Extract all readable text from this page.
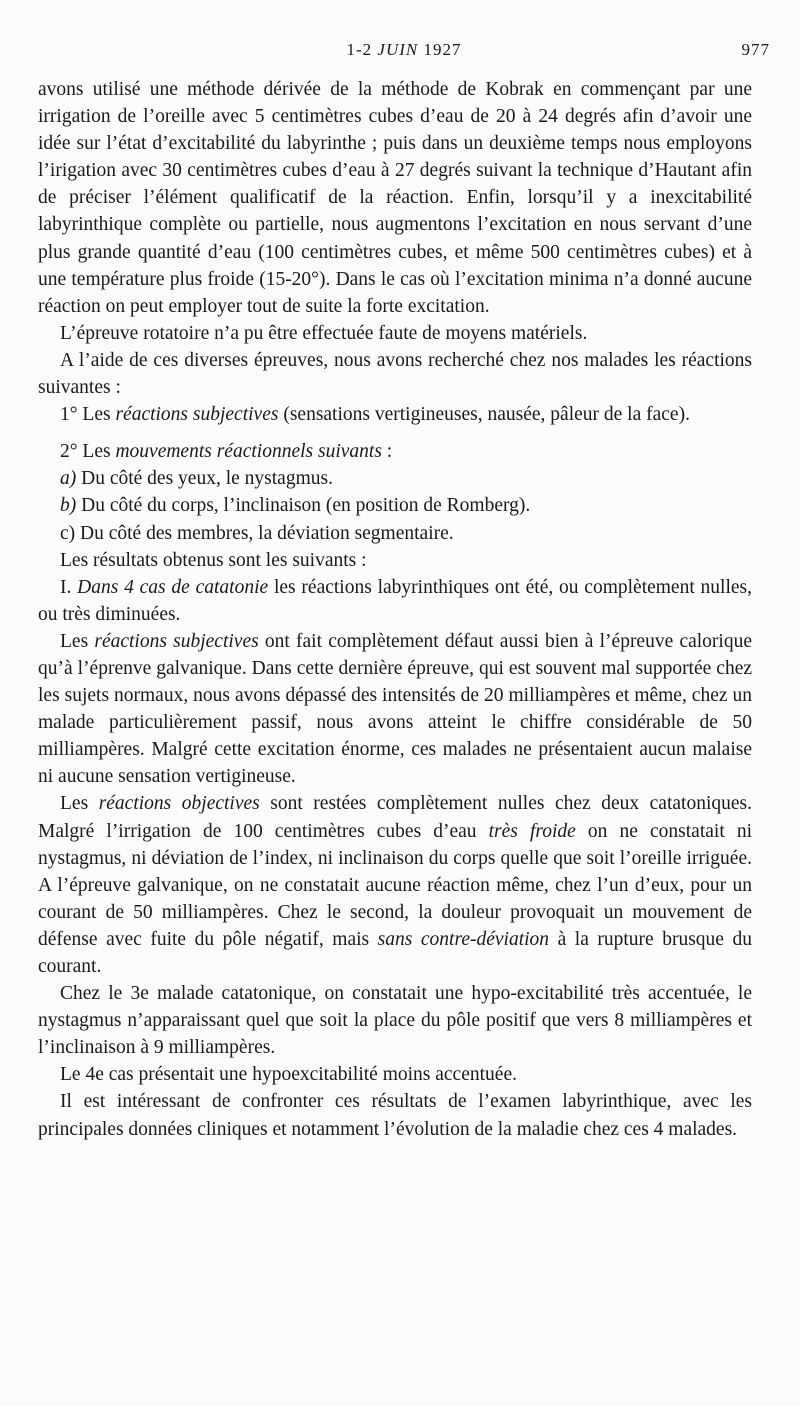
1-2 JUIN 1927	977

avons utilisé une méthode dérivée de la méthode de Kobrak en commençant par une irrigation de l’oreille avec 5 centimètres cubes d’eau de 20 à 24 degrés afin d’avoir une idée sur l’état d’excitabilité du labyrinthe ; puis dans un deuxième temps nous employons l’irigation avec 30 centimètres cubes d’eau à 27 degrés suivant la technique d’Hautant afin de préciser l’élément qualificatif de la réaction. Enfin, lorsqu’il y a inexcitabilité labyrinthique complète ou partielle, nous augmentons l’excitation en nous servant d’une plus grande quantité d’eau (100 centimètres cubes, et même 500 centimètres cubes) et à une température plus froide (15-20°). Dans le cas où l’excitation minima n’a donné aucune réaction on peut employer tout de suite la forte excitation.

L’épreuve rotatoire n’a pu être effectuée faute de moyens matériels.

A l’aide de ces diverses épreuves, nous avons recherché chez nos malades les réactions suivantes :

1° Les réactions subjectives (sensations vertigineuses, nausée, pâleur de la face).

2° Les mouvements réactionnels suivants :

a) Du côté des yeux, le nystagmus.

b) Du côté du corps, l’inclinaison (en position de Romberg).

c) Du côté des membres, la déviation segmentaire.

Les résultats obtenus sont les suivants :

I. Dans 4 cas de catatonie les réactions labyrinthiques ont été, ou complètement nulles, ou très diminuées.

Les réactions subjectives ont fait complètement défaut aussi bien à l’épreuve calorique qu’à l’éprenve galvanique. Dans cette dernière épreuve, qui est souvent mal supportée chez les sujets normaux, nous avons dépassé des intensités de 20 milliampères et même, chez un malade particulièrement passif, nous avons atteint le chiffre considérable de 50 milliampères. Malgré cette excitation énorme, ces malades ne présentaient aucun malaise ni aucune sensation vertigineuse.

Les réactions objectives sont restées complètement nulles chez deux catatoniques. Malgré l’irrigation de 100 centimètres cubes d’eau très froide on ne constatait ni nystagmus, ni déviation de l’index, ni inclinaison du corps quelle que soit l’oreille irriguée. A l’épreuve galvanique, on ne constatait aucune réaction même, chez l’un d’eux, pour un courant de 50 milliampères. Chez le second, la douleur provoquait un mouvement de défense avec fuite du pôle négatif, mais sans contre-déviation à la rupture brusque du courant.

Chez le 3e malade catatonique, on constatait une hypo-excitabilité très accentuée, le nystagmus n’apparaissant quel que soit la place du pôle positif que vers 8 milliampères et l’inclinaison à 9 milliampères.

Le 4e cas présentait une hypoexcitabilité moins accentuée.

Il est intéressant de confronter ces résultats de l’examen labyrinthique, avec les principales données cliniques et notamment l’évolution de la maladie chez ces 4 malades.
